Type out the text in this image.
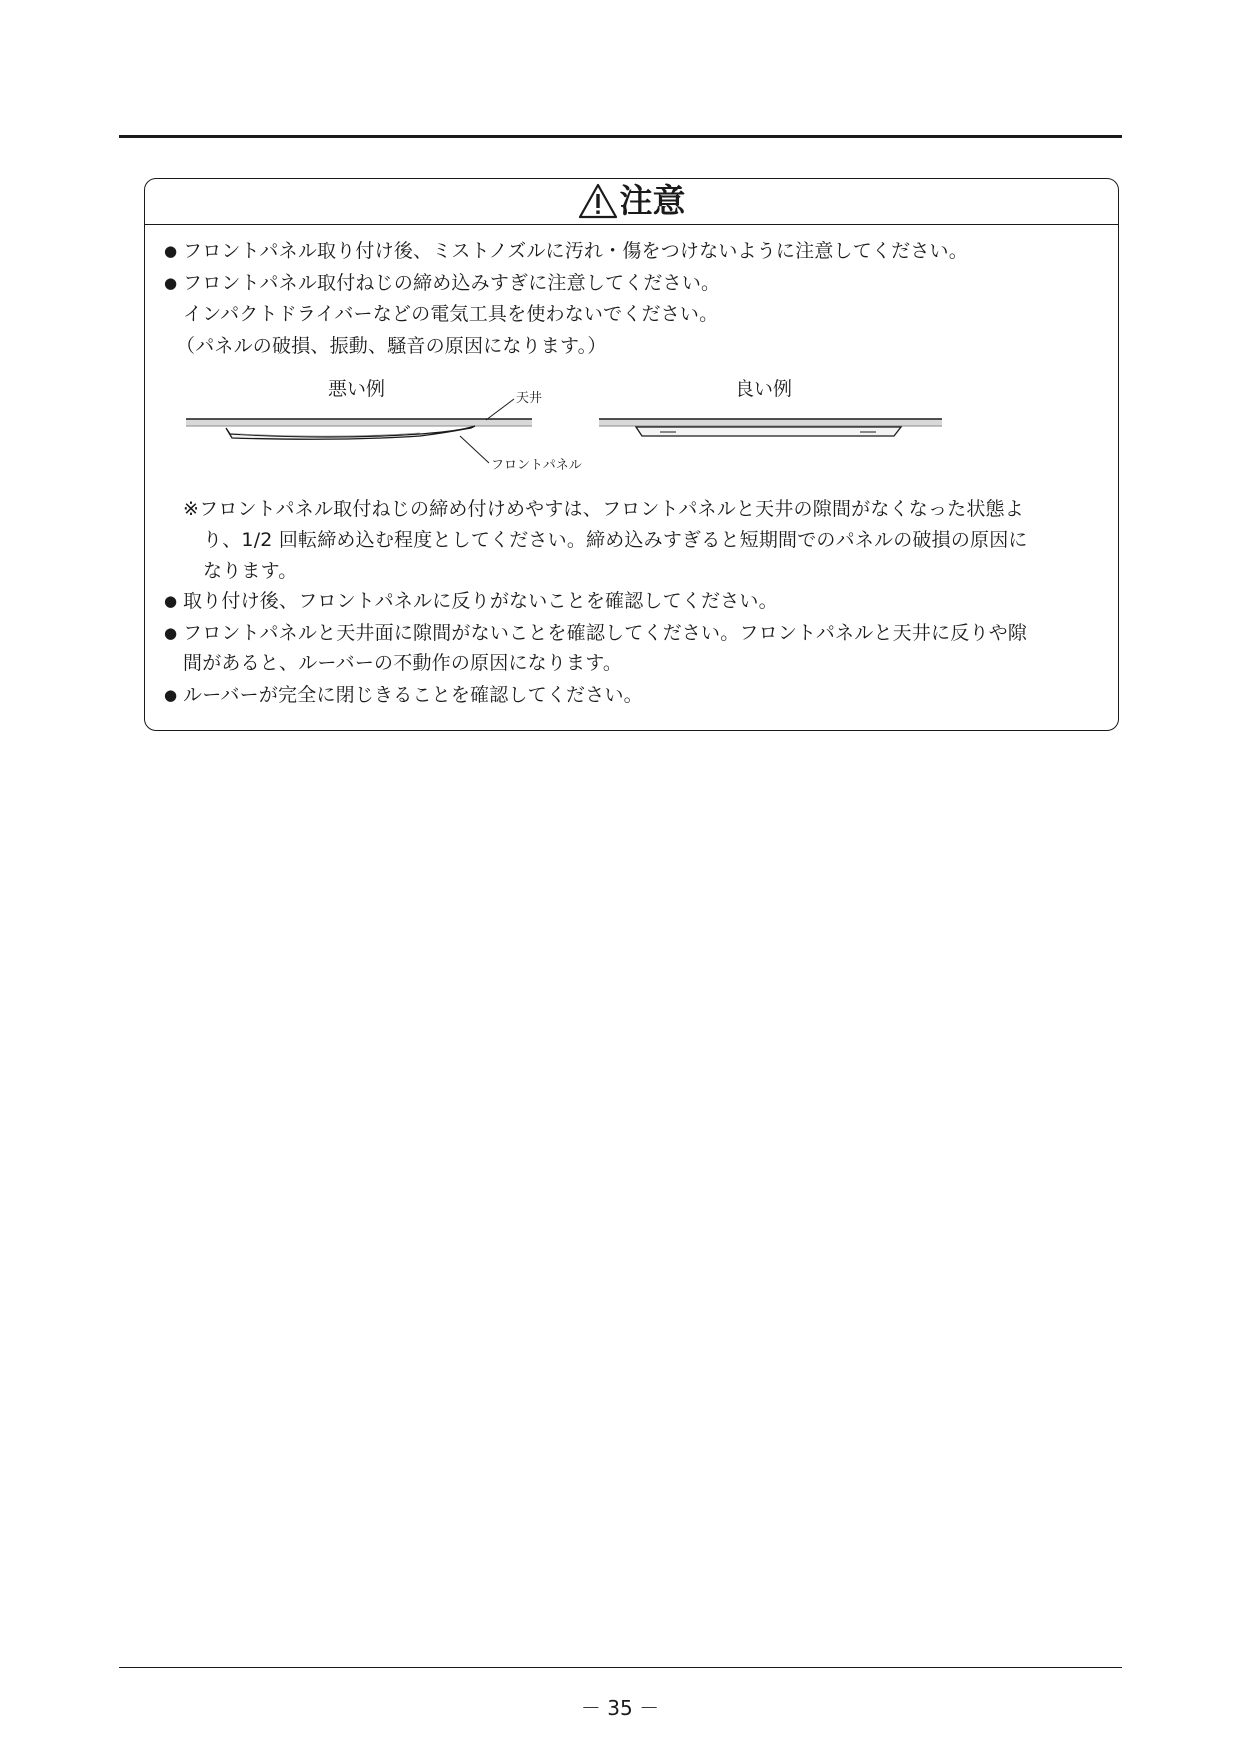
注意
● フロントパネル取り付け後、ミストノズルに汚れ・傷をつけないように注意してください。
● フロントパネル取付ねじの締め込みすぎに注意してください。
インパクトドライバーなどの電気工具を使わないでください。
（パネルの破損、振動、騒音の原因になります。）
悪い例	良い例
天井
フロントパネル
※フロントパネル取付ねじの締め付けめやすは、フロントパネルと天井の隙間がなくなった状態よ
り、1/2 回転締め込む程度としてください。締め込みすぎると短期間でのパネルの破損の原因に
なります。
● 取り付け後、フロントパネルに反りがないことを確認してください。
● フロントパネルと天井面に隙間がないことを確認してください。フロントパネルと天井に反りや隙
間があると、ルーバーの不動作の原因になります。
● ルーバーが完全に閉じきることを確認してください。
－ 35 －
